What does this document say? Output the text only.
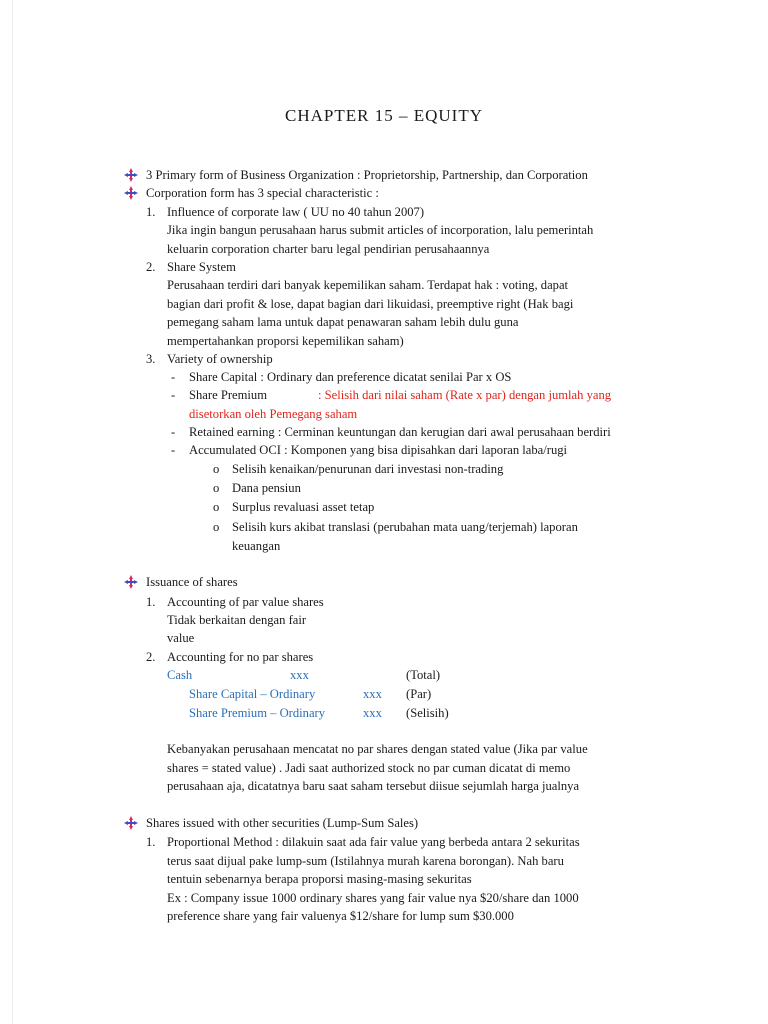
CHAPTER 15 – EQUITY
3 Primary form of Business Organization : Proprietorship, Partnership, dan Corporation
Corporation form has 3 special characteristic :
1. Influence of corporate law ( UU no 40 tahun 2007)
Jika ingin bangun perusahaan harus submit articles of incorporation, lalu pemerintah
keluarin corporation charter baru legal pendirian perusahaannya
2. Share System
Perusahaan terdiri dari banyak kepemilikan saham. Terdapat hak : voting, dapat
bagian dari profit & lose, dapat bagian dari likuidasi, preemptive right (Hak bagi
pemegang saham lama untuk dapat penawaran saham lebih dulu guna
mempertahankan proporsi kepemilikan saham)
3. Variety of ownership
- Share Capital : Ordinary dan preference dicatat senilai Par x OS
- Share Premium	: Selisih dari nilai saham (Rate x par) dengan jumlah yang
disetorkan oleh Pemegang saham
- Retained earning : Cerminan keuntungan dan kerugian dari awal perusahaan berdiri
- Accumulated OCI : Komponen yang bisa dipisahkan dari laporan laba/rugi
o Selisih kenaikan/penurunan dari investasi non-trading
o Dana pensiun
o Surplus revaluasi asset tetap
o Selisih kurs akibat translasi (perubahan mata uang/terjemah) laporan
keuangan
Issuance of shares
1. Accounting of par value shares
Tidak berkaitan dengan fair
value
2. Accounting for no par shares
Cash	xxx	(Total)
Share Capital – Ordinary	xxx (Par)
Share Premium – Ordinary	xxx (Selisih)
Kebanyakan perusahaan mencatat no par shares dengan stated value (Jika par value
shares = stated value) . Jadi saat authorized stock no par cuman dicatat di memo
perusahaan aja, dicatatnya baru saat saham tersebut diisue sejumlah harga jualnya
Shares issued with other securities (Lump-Sum Sales)
1. Proportional Method : dilakuin saat ada fair value yang berbeda antara 2 sekuritas
terus saat dijual pake lump-sum (Istilahnya murah karena borongan). Nah baru
tentuin sebenarnya berapa proporsi masing-masing sekuritas
Ex : Company issue 1000 ordinary shares yang fair value nya $20/share dan 1000
preference share yang fair valuenya $12/share for lump sum $30.000
